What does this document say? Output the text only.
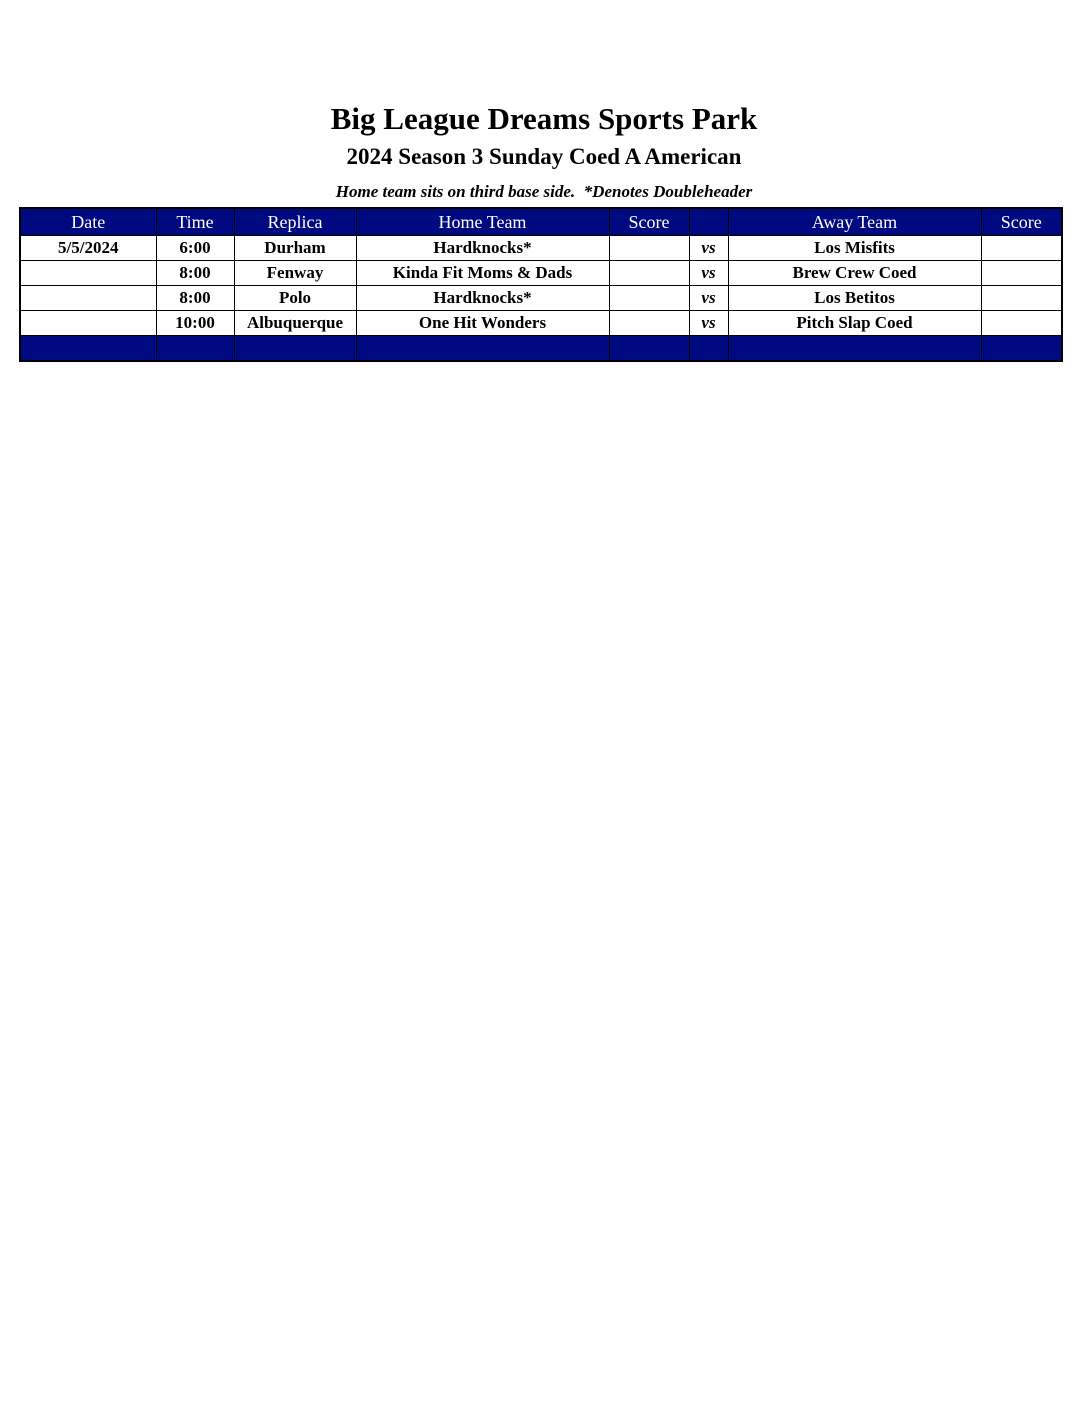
Big League Dreams Sports Park
2024 Season 3 Sunday Coed A American
Home team sits on third base side.  *Denotes Doubleheader
Date	Time	Replica	Home Team	Score		Away Team	Score
5/5/2024	6:00	Durham	Hardknocks*		vs	Los Misfits	
	8:00	Fenway	Kinda Fit Moms & Dads		vs	Brew Crew Coed	
	8:00	Polo	Hardknocks*		vs	Los Betitos	
	10:00	Albuquerque	One Hit Wonders		vs	Pitch Slap Coed	
